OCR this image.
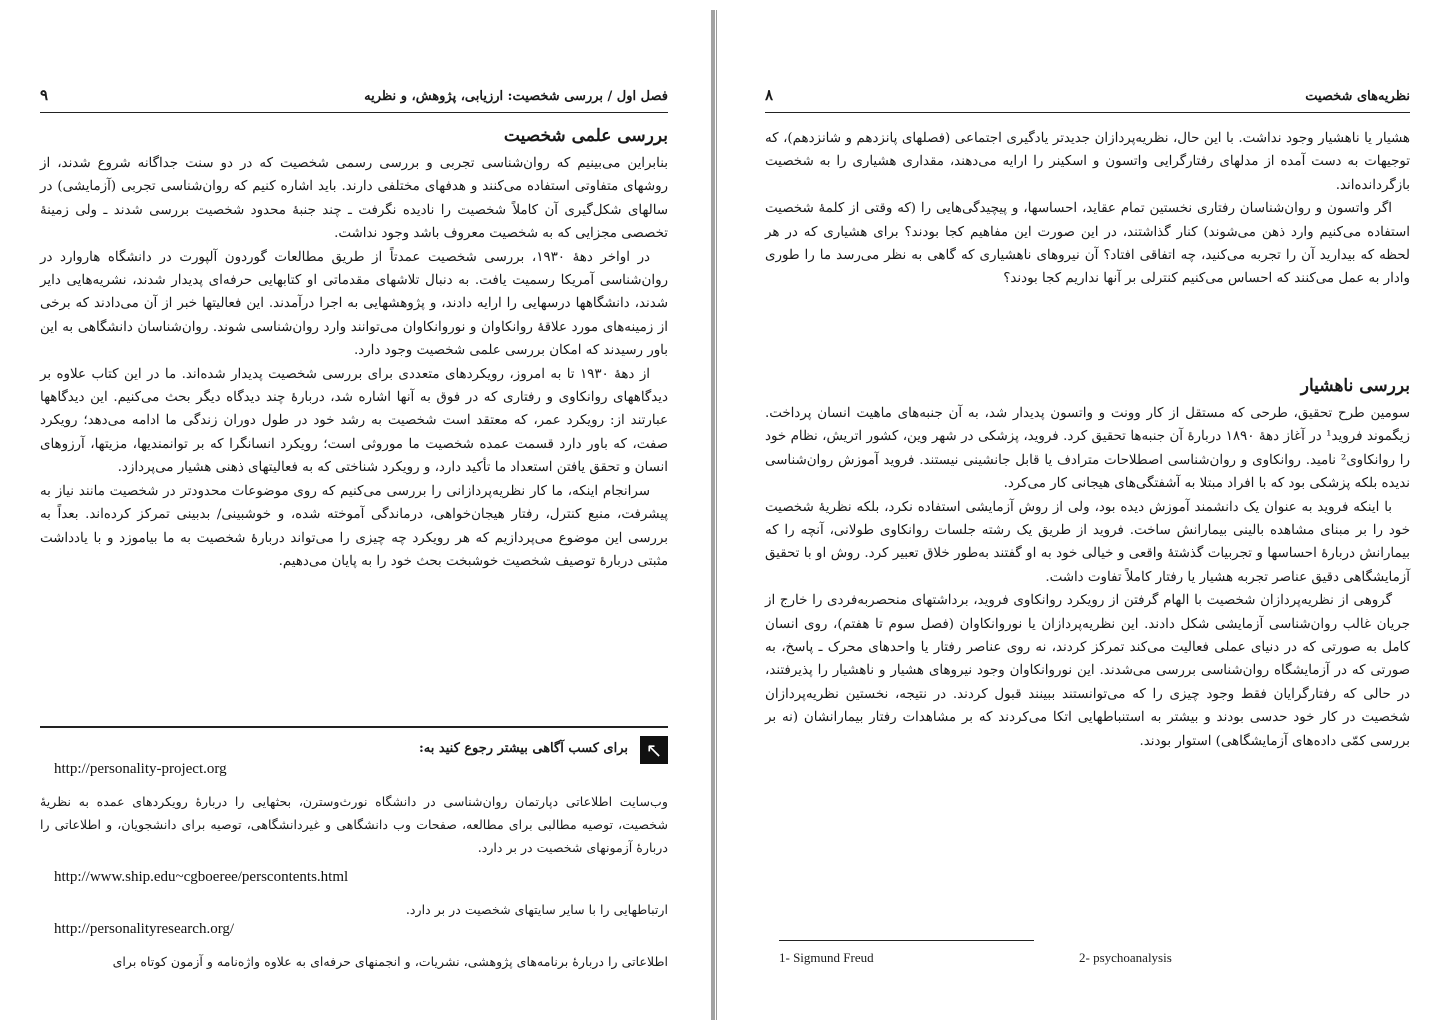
فصل اول / بررسی شخصیت: ارزیابی، پژوهش، و نظریه
۹
بررسی علمی شخصیت

بنابراین می‌بینیم که روان‌شناسی تجربی و بررسی رسمی شخصیت که در دو سنت جداگانه شروع شدند، از روشهای متفاوتی استفاده می‌کنند و هدفهای مختلفی دارند. باید اشاره کنیم که روان‌شناسی تجربی (آزمایشی) در سالهای شکل‌گیری آن کاملاً شخصیت را نادیده نگرفت ـ چند جنبهٔ محدود شخصیت بررسی شدند ـ ولی زمینهٔ تخصصی مجزایی که به شخصیت معروف باشد وجود نداشت.

در اواخر دههٔ ۱۹۳۰، بررسی شخصیت عمدتاً از طریق مطالعات گوردون آلپورت در دانشگاه هاروارد در روان‌شناسی آمریکا رسمیت یافت. به دنبال تلاشهای مقدماتی او کتابهایی حرفه‌ای پدیدار شدند، نشریه‌هایی دایر شدند، دانشگاهها درسهایی را ارایه دادند، و پژوهشهایی به اجرا درآمدند. این فعالیتها خبر از آن می‌دادند که برخی از زمینه‌های مورد علاقهٔ روانکاوان و نوروانکاوان می‌توانند وارد روان‌شناسی شوند. روان‌شناسان دانشگاهی به این باور رسیدند که امکان بررسی علمی شخصیت وجود دارد.

از دههٔ ۱۹۳۰ تا به امروز، رویکردهای متعددی برای بررسی شخصیت پدیدار شده‌اند. ما در این کتاب علاوه بر دیدگاههای روانکاوی و رفتاری که در فوق به آنها اشاره شد، دربارهٔ چند دیدگاه دیگر بحث می‌کنیم. این دیدگاهها عبارتند از: رویکرد عمر، که معتقد است شخصیت به رشد خود در طول دوران زندگی ما ادامه می‌دهد؛ رویکرد صفت، که باور دارد قسمت عمده شخصیت ما موروثی است؛ رویکرد انسانگرا که بر توانمندیها، مزیتها، آرزوهای انسان و تحقق یافتن استعداد ما تأکید دارد، و رویکرد شناختی که به فعالیتهای ذهنی هشیار می‌پردازد.

سرانجام اینکه، ما کار نظریه‌پردازانی را بررسی می‌کنیم که روی موضوعات محدودتر در شخصیت مانند نیاز به پیشرفت، منبع کنترل، رفتار هیجان‌خواهی، درماندگی آموخته شده، و خوشبینی/ بدبینی تمرکز کرده‌اند. بعداً به بررسی این موضوع می‌پردازیم که هر رویکرد چه چیزی را می‌تواند دربارهٔ شخصیت به ما بیاموزد و با یادداشت مثبتی دربارهٔ توصیف شخصیت خوشبخت بحث خود را به پایان می‌دهیم.

↖
برای کسب آگاهی بیشتر رجوع کنید به:
http://personality-project.org
وب‌سایت اطلاعاتی دپارتمان روان‌شناسی در دانشگاه نورث‌وسترن، بحثهایی را دربارهٔ رویکردهای عمده به نظریهٔ شخصیت، توصیه مطالبی برای مطالعه، صفحات وب دانشگاهی و غیردانشگاهی، توصیه برای دانشجویان، و اطلاعاتی را دربارهٔ آزمونهای شخصیت در بر دارد.
http://www.ship.edu~cgboeree/perscontents.html
ارتباطهایی را با سایر سایتهای شخصیت در بر دارد.
http://personalityresearch.org/
اطلاعاتی را دربارهٔ برنامه‌های پژوهشی، نشریات، و انجمنهای حرفه‌ای به علاوه واژه‌نامه و آزمون کوتاه برای
نظریه‌های شخصیت
۸

هشیار یا ناهشیار وجود نداشت. با این حال، نظریه‌پردازان جدیدتر یادگیری اجتماعی (فصلهای پانزدهم و شانزدهم)، که توجیهات به دست آمده از مدلهای رفتارگرایی واتسون و اسکینر را ارایه می‌دهند، مقداری هشیاری را به شخصیت بازگردانده‌اند.

اگر واتسون و روان‌شناسان رفتاری نخستین تمام عقاید، احساسها، و پیچیدگی‌هایی را (که وقتی از کلمهٔ شخصیت استفاده می‌کنیم وارد ذهن می‌شوند) کنار گذاشتند، در این صورت این مفاهیم کجا بودند؟ برای هشیاری که در هر لحظه که بیدارید آن را تجربه می‌کنید، چه اتفاقی افتاد؟ آن نیروهای ناهشیاری که گاهی به نظر می‌رسد ما را طوری وادار به عمل می‌کنند که احساس می‌کنیم کنترلی بر آنها نداریم کجا بودند؟

بررسی ناهشیار

سومین طرح تحقیق، طرحی که مستقل از کار وونت و واتسون پدیدار شد، به آن جنبه‌های ماهیت انسان پرداخت. زیگموند فروید¹ در آغاز دههٔ ۱۸۹۰ دربارهٔ آن جنبه‌ها تحقیق کرد. فروید، پزشکی در شهر وین، کشور اتریش، نظام خود را روانکاوی² نامید. روانکاوی و روان‌شناسی اصطلاحات مترادف یا قابل جانشینی نیستند. فروید آموزش روان‌شناسی ندیده بلکه پزشکی بود که با افراد مبتلا به آشفتگی‌های هیجانی کار می‌کرد.

با اینکه فروید به عنوان یک دانشمند آموزش دیده بود، ولی از روش آزمایشی استفاده نکرد، بلکه نظریهٔ شخصیت خود را بر مبنای مشاهده بالینی بیمارانش ساخت. فروید از طریق یک رشته جلسات روانکاوی طولانی، آنچه را که بیمارانش دربارهٔ احساسها و تجربیات گذشتهٔ واقعی و خیالی خود به او گفتند به‌طور خلاق تعبیر کرد. روش او با تحقیق آزمایشگاهی دقیق عناصر تجربه هشیار یا رفتار کاملاً تفاوت داشت.

گروهی از نظریه‌پردازان شخصیت با الهام گرفتن از رویکرد روانکاوی فروید، برداشتهای منحصربه‌فردی را خارج از جریان غالب روان‌شناسی آزمایشی شکل دادند. این نظریه‌پردازان یا نوروانکاوان (فصل سوم تا هفتم)، روی انسان کامل به صورتی که در دنیای عملی فعالیت می‌کند تمرکز کردند، نه روی عناصر رفتار یا واحدهای محرک ـ پاسخ، به صورتی که در آزمایشگاه روان‌شناسی بررسی می‌شدند. این نوروانکاوان وجود نیروهای هشیار و ناهشیار را پذیرفتند، در حالی که رفتارگرایان فقط وجود چیزی را که می‌توانستند ببینند قبول کردند. در نتیجه، نخستین نظریه‌پردازان شخصیت در کار خود حدسی بودند و بیشتر به استنباطهایی اتکا می‌کردند که بر مشاهدات رفتار بیمارانشان (نه بر بررسی کمّی داده‌های آزمایشگاهی) استوار بودند.

1- Sigmund Freud	2- psychoanalysis
